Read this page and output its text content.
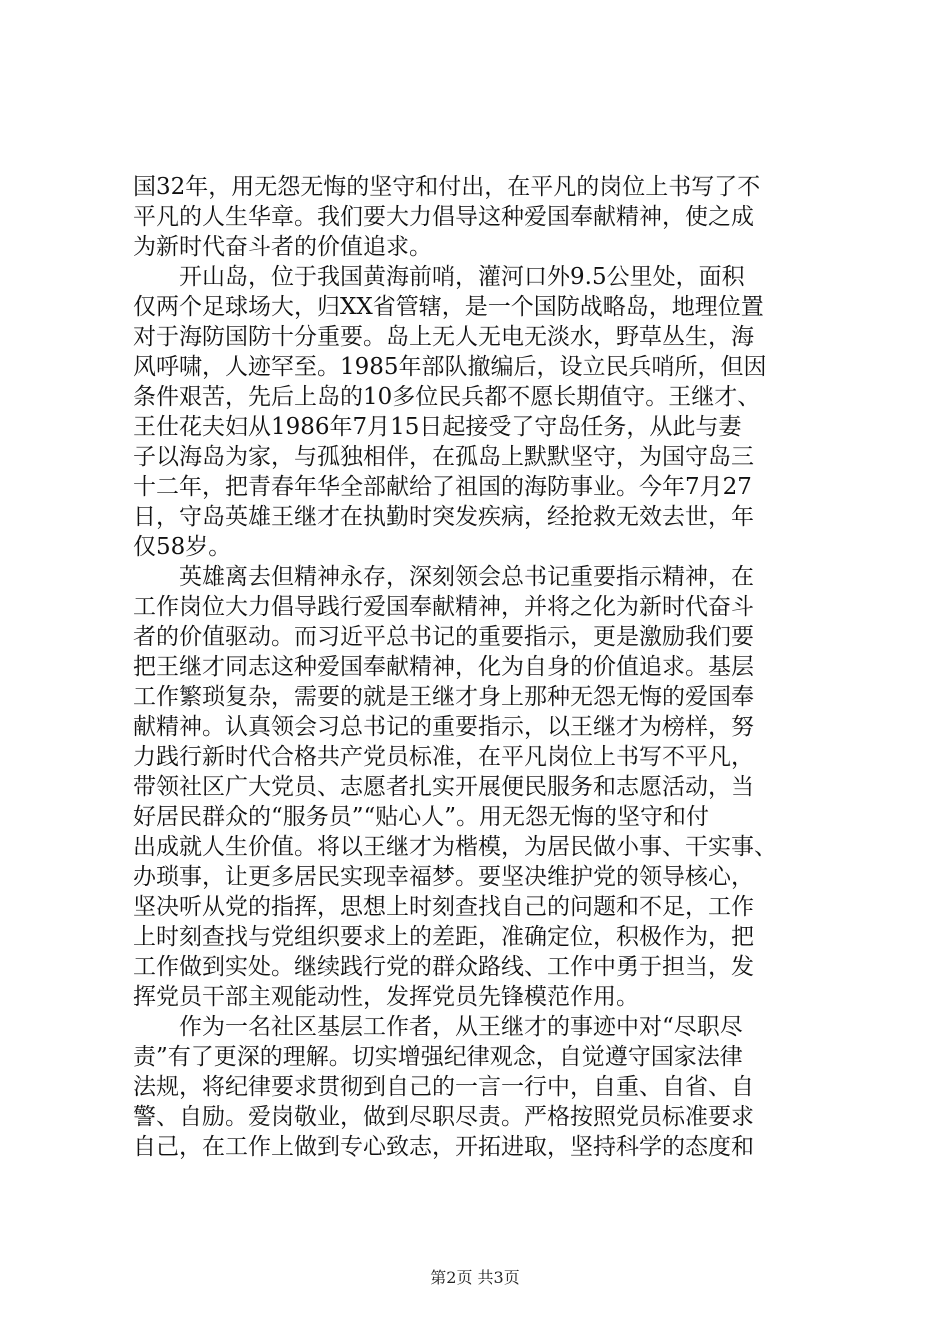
国32年，用无怨无悔的坚守和付出，在平凡的岗位上书写了不
平凡的人生华章。我们要大力倡导这种爱国奉献精神，使之成
为新时代奋斗者的价值追求。
　　开山岛，位于我国黄海前哨，灌河口外9.5公里处，面积
仅两个足球场大，归XX省管辖，是一个国防战略岛，地理位置
对于海防国防十分重要。岛上无人无电无淡水，野草丛生，海
风呼啸，人迹罕至。1985年部队撤编后，设立民兵哨所，但因
条件艰苦，先后上岛的10多位民兵都不愿长期值守。王继才、
王仕花夫妇从1986年7月15日起接受了守岛任务，从此与妻
子以海岛为家，与孤独相伴，在孤岛上默默坚守，为国守岛三
十二年，把青春年华全部献给了祖国的海防事业。今年7月27
日，守岛英雄王继才在执勤时突发疾病，经抢救无效去世，年
仅58岁。
　　英雄离去但精神永存，深刻领会总书记重要指示精神，在
工作岗位大力倡导践行爱国奉献精神，并将之化为新时代奋斗
者的价值驱动。而习近平总书记的重要指示，更是激励我们要
把王继才同志这种爱国奉献精神，化为自身的价值追求。基层
工作繁琐复杂，需要的就是王继才身上那种无怨无悔的爱国奉
献精神。认真领会习总书记的重要指示，以王继才为榜样，努
力践行新时代合格共产党员标准，在平凡岗位上书写不平凡，
带领社区广大党员、志愿者扎实开展便民服务和志愿活动，当
好居民群众的“服务员”“贴心人”。用无怨无悔的坚守和付
出成就人生价值。将以王继才为楷模，为居民做小事、干实事、
办琐事，让更多居民实现幸福梦。要坚决维护党的领导核心，
坚决听从党的指挥，思想上时刻查找自己的问题和不足，工作
上时刻查找与党组织要求上的差距，准确定位，积极作为，把
工作做到实处。继续践行党的群众路线、工作中勇于担当，发
挥党员干部主观能动性，发挥党员先锋模范作用。
　　作为一名社区基层工作者，从王继才的事迹中对“尽职尽
责”有了更深的理解。切实增强纪律观念，自觉遵守国家法律
法规，将纪律要求贯彻到自己的一言一行中，自重、自省、自
警、自励。爱岗敬业，做到尽职尽责。严格按照党员标准要求
自己，在工作上做到专心致志，开拓进取，坚持科学的态度和
第2页 共3页
